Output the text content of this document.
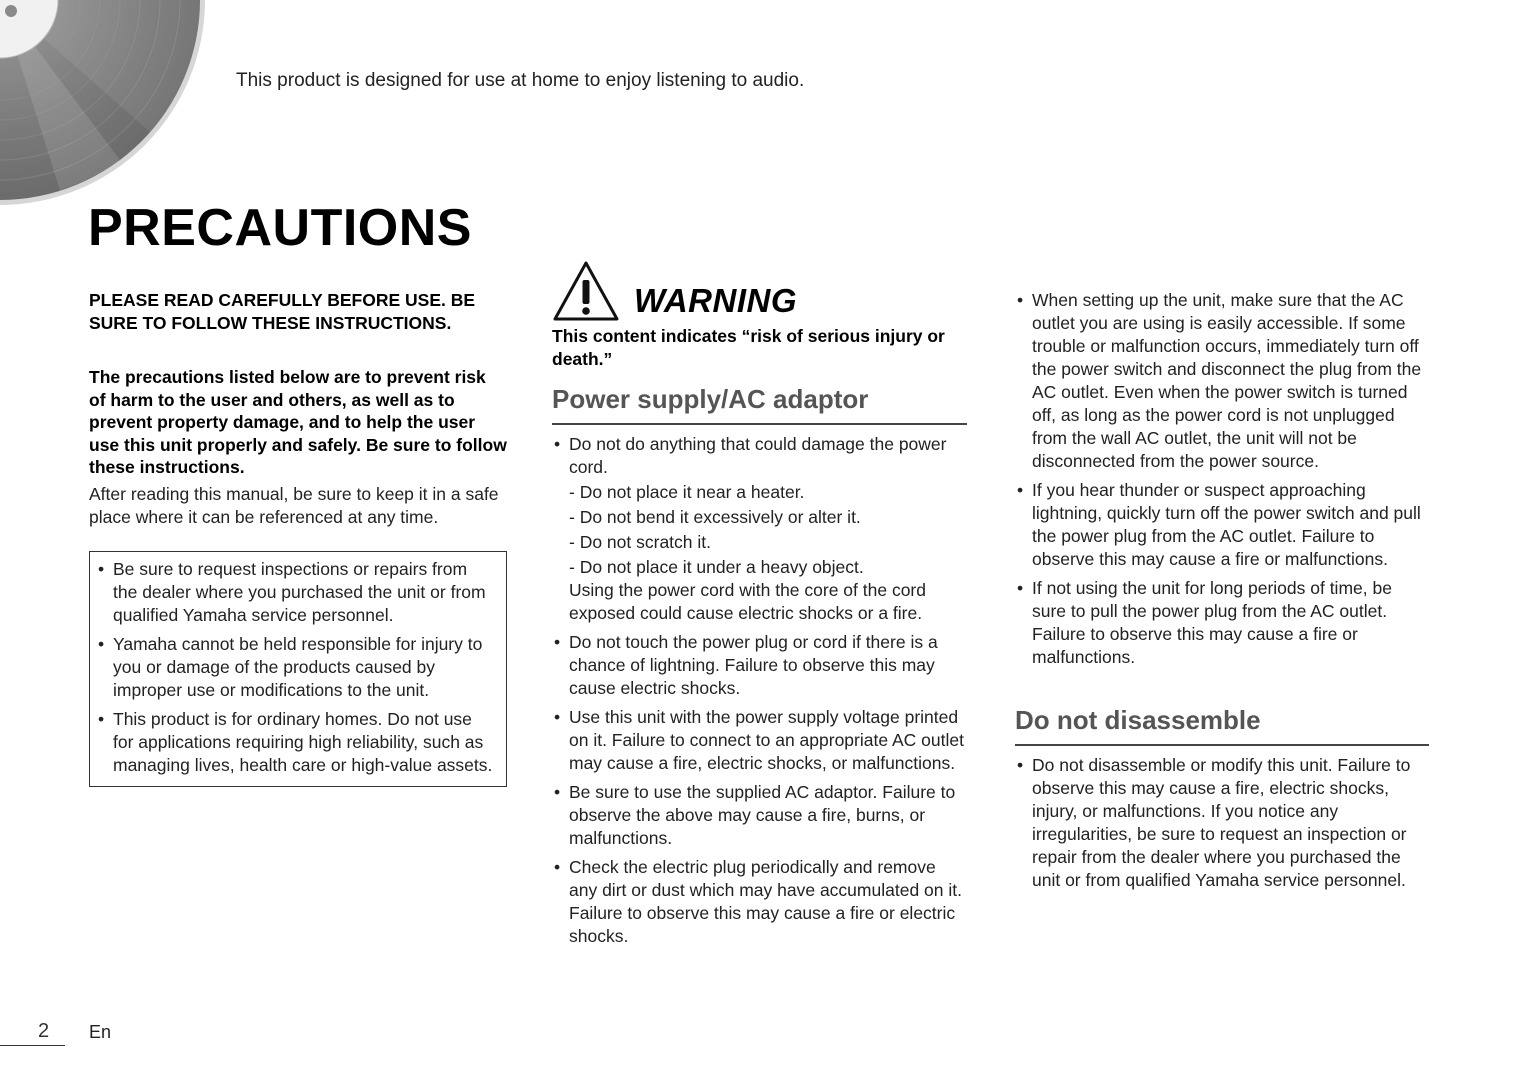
This product is designed for use at home to enjoy listening to audio.
PRECAUTIONS

PLEASE READ CAREFULLY BEFORE USE. BE SURE TO FOLLOW THESE INSTRUCTIONS.

The precautions listed below are to prevent risk of harm to the user and others, as well as to prevent property damage, and to help the user use this unit properly and safely. Be sure to follow these instructions.

After reading this manual, be sure to keep it in a safe place where it can be referenced at any time.

• Be sure to request inspections or repairs from the dealer where you purchased the unit or from qualified Yamaha service personnel.
• Yamaha cannot be held responsible for injury to you or damage of the products caused by improper use or modifications to the unit.
• This product is for ordinary homes. Do not use for applications requiring high reliability, such as managing lives, health care or high-value assets.
WARNING

This content indicates “risk of serious injury or death.”

Power supply/AC adaptor
• Do not do anything that could damage the power cord.
- Do not place it near a heater.
- Do not bend it excessively or alter it.
- Do not scratch it.
- Do not place it under a heavy object.
Using the power cord with the core of the cord exposed could cause electric shocks or a fire.
• Do not touch the power plug or cord if there is a chance of lightning. Failure to observe this may cause electric shocks.
• Use this unit with the power supply voltage printed on it. Failure to connect to an appropriate AC outlet may cause a fire, electric shocks, or malfunctions.
• Be sure to use the supplied AC adaptor. Failure to observe the above may cause a fire, burns, or malfunctions.
• Check the electric plug periodically and remove any dirt or dust which may have accumulated on it. Failure to observe this may cause a fire or electric shocks.
• When setting up the unit, make sure that the AC outlet you are using is easily accessible. If some trouble or malfunction occurs, immediately turn off the power switch and disconnect the plug from the AC outlet. Even when the power switch is turned off, as long as the power cord is not unplugged from the wall AC outlet, the unit will not be disconnected from the power source.
• If you hear thunder or suspect approaching lightning, quickly turn off the power switch and pull the power plug from the AC outlet. Failure to observe this may cause a fire or malfunctions.
• If not using the unit for long periods of time, be sure to pull the power plug from the AC outlet. Failure to observe this may cause a fire or malfunctions.
Do not disassemble
• Do not disassemble or modify this unit. Failure to observe this may cause a fire, electric shocks, injury, or malfunctions. If you notice any irregularities, be sure to request an inspection or repair from the dealer where you purchased the unit or from qualified Yamaha service personnel.
2 En
